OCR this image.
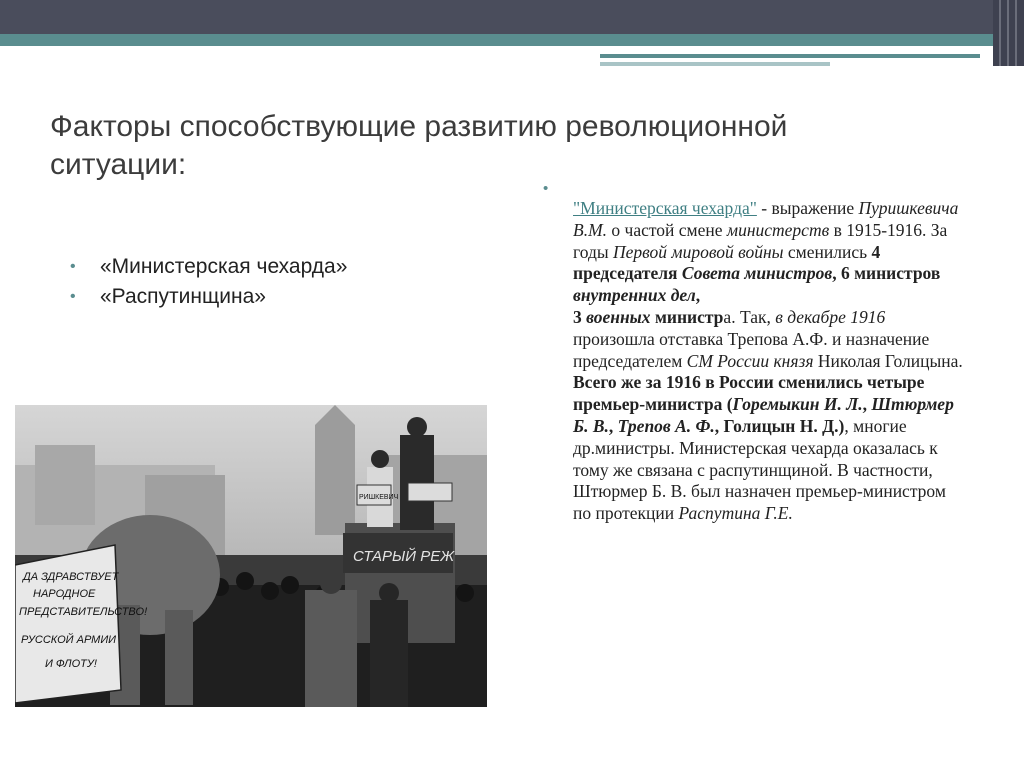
Факторы способствующие развитию революционной ситуации:
• «Министерская чехарда»
• «Распутинщина»
РИШКЕВИЧ
СТАРЫЙ РЕЖ
ДА ЗДРАВСТВУЕТ НАРОДНОЕ ПРЕДСТАВИТЕЛЬСТВО! РУССКОЙ АРМИИ И ФЛОТУ!
•

"Министерская чехарда" - выражение Пуришкевича В.М. о частой смене министерств в 1915-1916. За годы Первой мировой войны сменились 4 председателя Совета министров, 6 министров внутренних дел,
3 военных министра. Так, в декабре 1916 произошла отставка Трепова А.Ф. и назначение председателем СМ России князя Николая Голицына. Всего же за 1916 в России сменились четыре премьер-министра (Горемыкин И. Л., Штюрмер Б. В., Трепов А. Ф., Голицын Н. Д.), многие др.министры. Министерская чехарда оказалась к тому же связана с распутинщиной. В частности, Штюрмер Б. В. был назначен премьер-министром по протекции Распутина Г.Е.
